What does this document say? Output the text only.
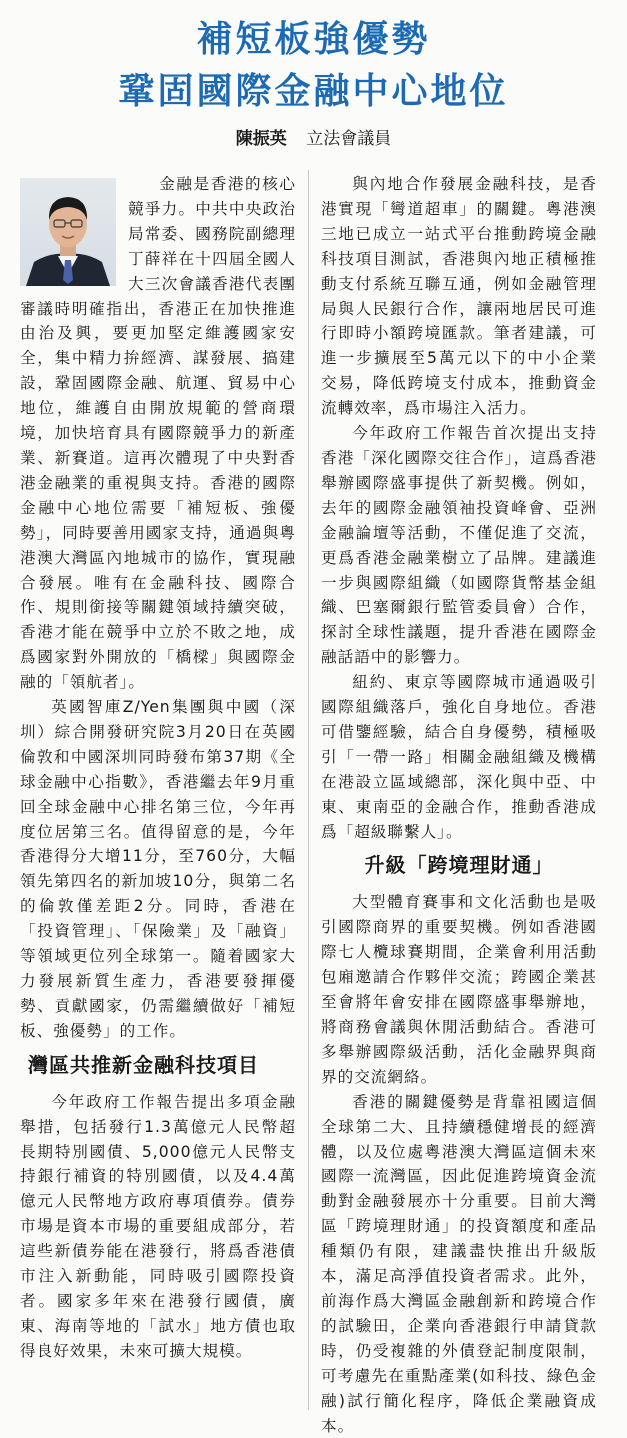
補短板強優勢
鞏固國際金融中心地位
陳振英 立法會議員

金融是香港的核心競爭力。中共中央政治局常委、國務院副總理丁薛祥在十四屆全國人大三次會議香港代表團審議時明確指出，香港正在加快推進由治及興，要更加堅定維護國家安全，集中精力拚經濟、謀發展、搞建設，鞏固國際金融、航運、貿易中心地位，維護自由開放規範的營商環境，加快培育具有國際競爭力的新產業、新賽道。這再次體現了中央對香港金融業的重視與支持。香港的國際金融中心地位需要「補短板、強優勢」，同時要善用國家支持，通過與粵港澳大灣區內地城市的協作，實現融合發展。唯有在金融科技、國際合作、規則銜接等關鍵領域持續突破，香港才能在競爭中立於不敗之地，成爲國家對外開放的「橋樑」與國際金融的「領航者」。

英國智庫Z/Yen集團與中國（深圳）綜合開發研究院3月20日在英國倫敦和中國深圳同時發布第37期《全球金融中心指數》，香港繼去年9月重回全球金融中心排名第三位，今年再度位居第三名。值得留意的是，今年香港得分大增11分，至760分，大幅領先第四名的新加坡10分，與第二名的倫敦僅差距2分。同時，香港在「投資管理」、「保險業」及「融資」等領域更位列全球第一。隨着國家大力發展新質生產力，香港要發揮優勢、貢獻國家，仍需繼續做好「補短板、強優勢」的工作。

灣區共推新金融科技項目

今年政府工作報告提出多項金融舉措，包括發行1.3萬億元人民幣超長期特別國債、5,000億元人民幣支持銀行補資的特別國債，以及4.4萬億元人民幣地方政府專項債券。債券市場是資本市場的重要組成部分，若這些新債券能在港發行，將爲香港債市注入新動能，同時吸引國際投資者。國家多年來在港發行國債，廣東、海南等地的「試水」地方債也取得良好效果，未來可擴大規模。

與內地合作發展金融科技，是香港實現「彎道超車」的關鍵。粵港澳三地已成立一站式平台推動跨境金融科技項目測試，香港與內地正積極推動支付系統互聯互通，例如金融管理局與人民銀行合作，讓兩地居民可進行即時小額跨境匯款。筆者建議，可進一步擴展至5萬元以下的中小企業交易，降低跨境支付成本，推動資金流轉效率，爲市場注入活力。

今年政府工作報告首次提出支持香港「深化國際交往合作」，這爲香港舉辦國際盛事提供了新契機。例如，去年的國際金融領袖投資峰會、亞洲金融論壇等活動，不僅促進了交流，更爲香港金融業樹立了品牌。建議進一步與國際組織（如國際貨幣基金組織、巴塞爾銀行監管委員會）合作，探討全球性議題，提升香港在國際金融話語中的影響力。

紐約、東京等國際城市通過吸引國際組織落戶，強化自身地位。香港可借鑒經驗，結合自身優勢，積極吸引「一帶一路」相關金融組織及機構在港設立區域總部，深化與中亞、中東、東南亞的金融合作，推動香港成爲「超級聯繫人」。

升級「跨境理財通」

大型體育賽事和文化活動也是吸引國際商界的重要契機。例如香港國際七人欖球賽期間，企業會利用活動包廂邀請合作夥伴交流；跨國企業甚至會將年會安排在國際盛事舉辦地，將商務會議與休閒活動結合。香港可多舉辦國際級活動，活化金融界與商界的交流網絡。

香港的關鍵優勢是背靠祖國這個全球第二大、且持續穩健增長的經濟體，以及位處粵港澳大灣區這個未來國際一流灣區，因此促進跨境資金流動對金融發展亦十分重要。目前大灣區「跨境理財通」的投資額度和產品種類仍有限，建議盡快推出升級版本，滿足高淨值投資者需求。此外，前海作爲大灣區金融創新和跨境合作的試驗田，企業向香港銀行申請貸款時，仍受複雜的外債登記制度限制，可考慮先在重點產業(如科技、綠色金融)試行簡化程序，降低企業融資成本。
